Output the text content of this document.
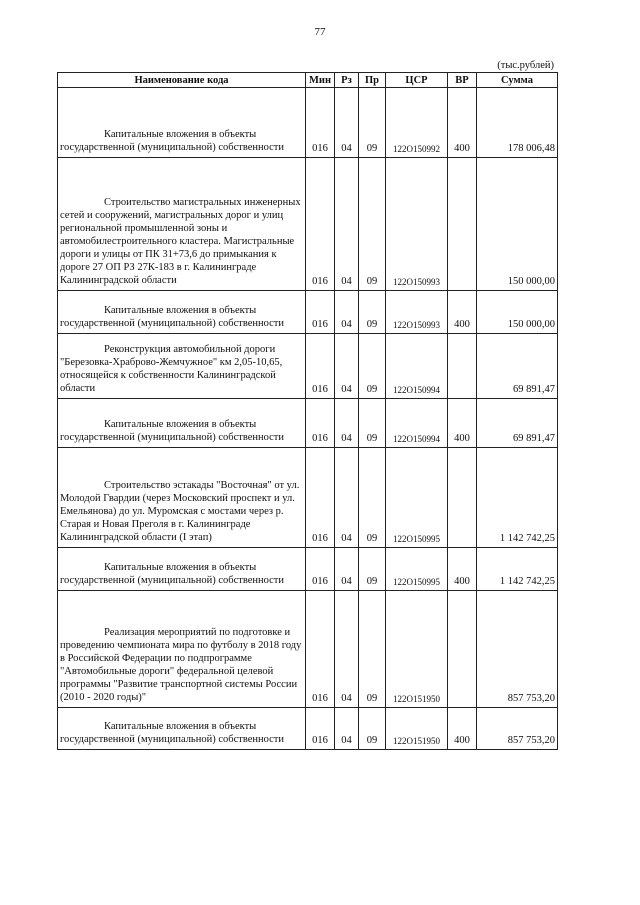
77
(тыс.рублей)
Наименование кода	Мин	Рз	Пр	ЦСР	ВР	Сумма

Капитальные вложения в объекты государственной (муниципальной) собственности	016	04	09	122O150992	400	178 006,48

Строительство магистральных инженерных сетей и сооружений, магистральных дорог и улиц региональной промышленной зоны и автомобилестроительного кластера. Магистральные дороги и улицы от ПК 31+73,6 до примыкания к дороге 27 ОП РЗ 27К-183 в г. Калининграде Калининградской области	016	04	09	122O150993		150 000,00

Капитальные вложения в объекты государственной (муниципальной) собственности	016	04	09	122O150993	400	150 000,00

Реконструкция автомобильной дороги "Березовка-Храброво-Жемчужное" км 2,05-10,65, относящейся к собственности Калининградской области	016	04	09	122O150994		69 891,47

Капитальные вложения в объекты государственной (муниципальной) собственности	016	04	09	122O150994	400	69 891,47

Строительство эстакады "Восточная" от ул. Молодой Гвардии (через Московский проспект и ул. Емельянова) до ул. Муромская с мостами через р. Старая и Новая Преголя в г. Калининграде Калининградской области (I этап)	016	04	09	122O150995		1 142 742,25

Капитальные вложения в объекты государственной (муниципальной) собственности	016	04	09	122O150995	400	1 142 742,25

Реализация мероприятий по подготовке и проведению чемпионата мира по футболу в 2018 году в Российской Федерации по подпрограмме "Автомобильные дороги" федеральной целевой программы "Развитие транспортной системы России (2010 - 2020 годы)"	016	04	09	122O151950		857 753,20

Капитальные вложения в объекты государственной (муниципальной) собственности	016	04	09	122O151950	400	857 753,20
